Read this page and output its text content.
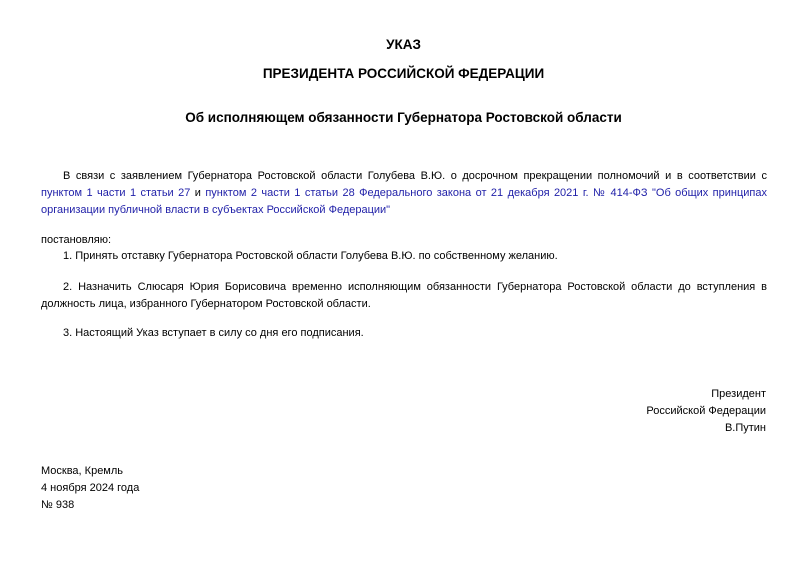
УКАЗ
ПРЕЗИДЕНТА РОССИЙСКОЙ ФЕДЕРАЦИИ
Об исполняющем обязанности Губернатора Ростовской области
В связи с заявлением Губернатора Ростовской области Голубева В.Ю. о досрочном прекращении полномочий и в соответствии с пунктом 1 части 1 статьи 27 и пунктом 2 части 1 статьи 28 Федерального закона от 21 декабря 2021 г. № 414-ФЗ "Об общих принципах организации публичной власти в субъектах Российской Федерации"
постановляю:
1. Принять отставку Губернатора Ростовской области Голубева В.Ю. по собственному желанию.
2. Назначить Слюсаря Юрия Борисовича временно исполняющим обязанности Губернатора Ростовской области до вступления в должность лица, избранного Губернатором Ростовской области.
3. Настоящий Указ вступает в силу со дня его подписания.
Президент
Российской Федерации
В.Путин
Москва, Кремль
4 ноября 2024 года
№ 938
